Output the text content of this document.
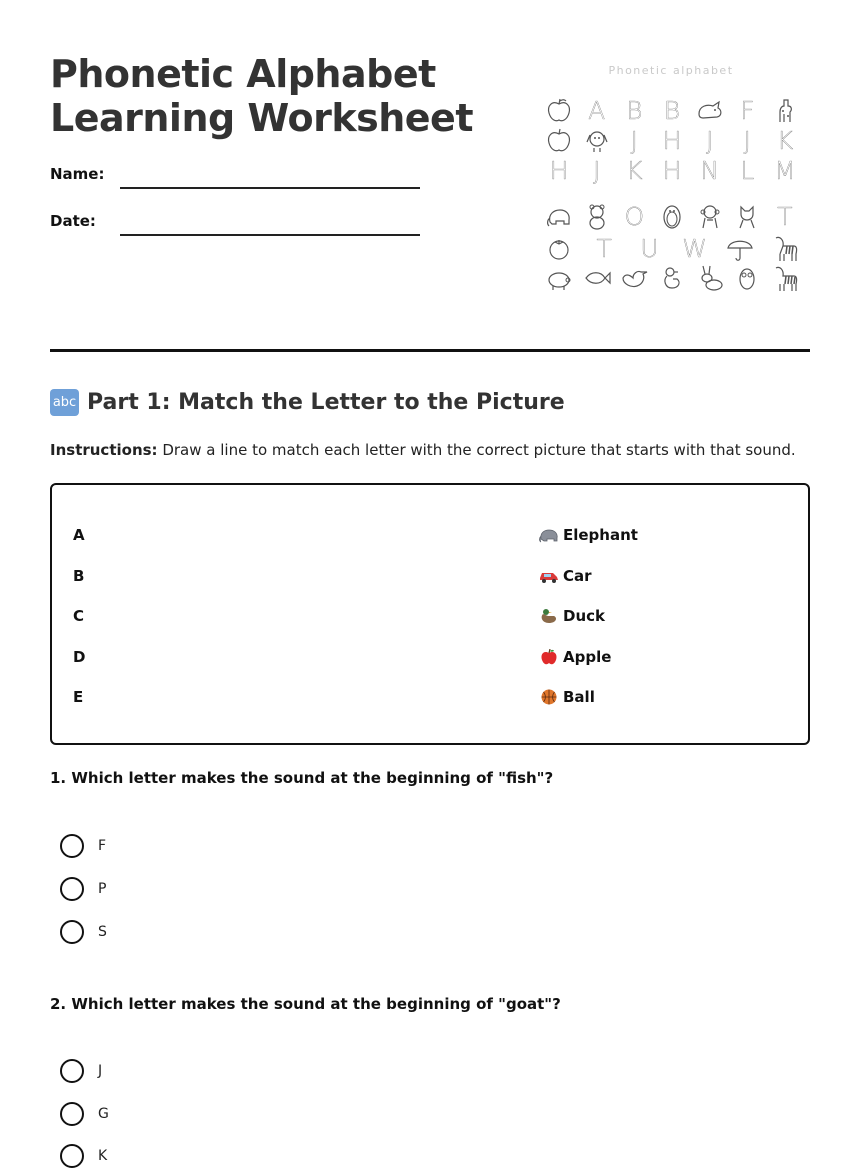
Phonetic Alphabet
Learning Worksheet
Name:
Date:
Phonetic alphabet
A B B	F
J H J	J	K
H J	K H N L M
O	T
T U W
abc Part 1: Match the Letter to the Picture
Instructions: Draw a line to match each letter with the correct picture that starts with that sound.
A
B
C
D
E
Elephant
Car
Duck
Apple
Ball
1. Which letter makes the sound at the beginning of "fish"?
F
P
S
2. Which letter makes the sound at the beginning of "goat"?
J
G
K
